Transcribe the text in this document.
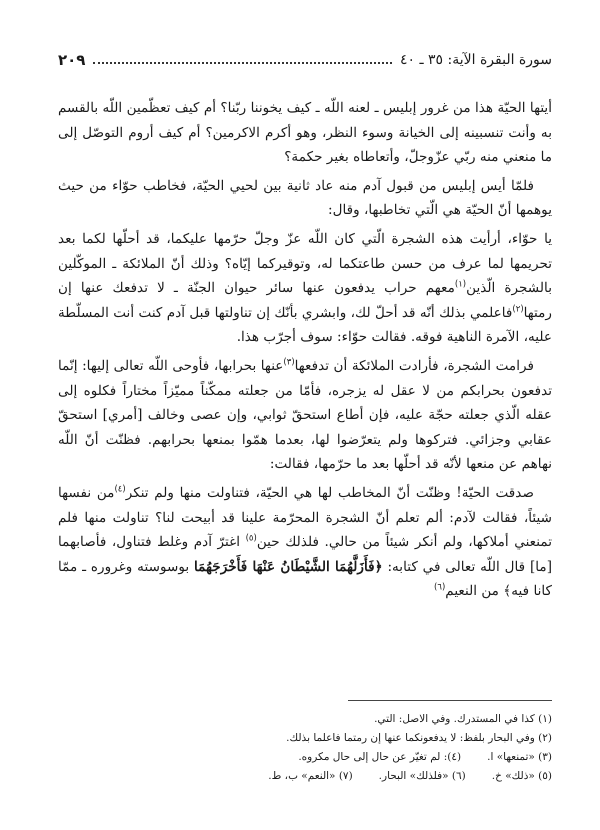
سورة البقرة الآية: ٣٥ ـ ٤٠
٢٠٩

أيتها الحيّة هذا من غرور إبليس ـ لعنه اللّه ـ كيف يخوننا ربّنا؟ أم كيف تعظّمين اللّه بالقسم به وأنت تنسبينه إلى الخيانة وسوء النظر، وهو أكرم الاكرمين؟ أم كيف أروم التوصّل إلى ما منعني منه ربّي عزّوجلّ، وأتعاطاه بغير حكمة؟

فلمّا أيس إبليس من قبول آدم منه عاد ثانية بين لحيي الحيّة، فخاطب حوّاء من حيث يوهمها أنّ الحيّة هي الّتي تخاطبها، وقال:

يا حوّاء، أرأيت هذه الشجرة الّتي كان اللّه عزّ وجلّ حرّمها عليكما، قد أحلّها لكما بعد تحريمها لما عرف من حسن طاعتكما له، وتوقيركما إيّاه؟ وذلك أنّ الملائكة ـ الموكّلين بالشجرة الّذين$^{(١)}$معهم حراب يدفعون عنها سائر حيوان الجنّة ـ لا تدفعك عنها إن رمتها$^{(٢)}$فاعلمي بذلك أنّه قد أحلّ لك، وابشري بأنّك إن تناولتها قبل آدم كنت أنت المسلّطة عليه، الآمرة الناهية فوقه. فقالت حوّاء: سوف أجرّب هذا.

فرامت الشجرة، فأرادت الملائكة أن تدفعها$^{(٣)}$عنها بحرابها، فأوحى اللّه تعالى إليها: إنّما تدفعون بحرابكم من لا عقل له يزجره، فأمّا من جعلته ممكّناً مميّزاً مختاراً فكلوه إلى عقله الّذي جعلته حجّة عليه، فإن أطاع استحقّ ثوابي، وإن عصى وخالف [أمري] استحقّ عقابي وجزائي. فتركوها ولم يتعرّضوا لها، بعدما همّوا بمنعها بحرابهم. فظنّت أنّ اللّه نهاهم عن منعها لأنّه قد أحلّها بعد ما حرّمها، فقالت:

صدقت الحيّة! وظنّت أنّ المخاطب لها هي الحيّة، فتناولت منها ولم تنكر$^{(٤)}$من نفسها شيئاً، فقالت لآدم: ألم تعلم أنّ الشجرة المحرّمة علينا قد أبيحت لنا؟ تناولت منها فلم تمنعني أملاكها، ولم أنكر شيئاً من حالي. فلذلك حين$^{(٥)}$ اغترّ آدم وغلط فتناول، فأصابهما [ما] قال اللّه تعالى في كتابه: ﴿فَأَزَلَّهُمَا الشَّيْطَانُ عَنْهَا فَأَخْرَجَهُمَا بوسوسته وغروره ـ ممّا كانا فيه﴾ من النعيم$^{(٦)}$

(١) كذا في المستدرك. وفي الاصل: التي.
(٢) وفي البحار بلفظ: لا يدفعونكما عنها إن رمتما فاعلما بذلك.
(٣) «تمنعها» ا.
(٤): لم تغيّر عن حال إلى حال مكروه.
(٥) «ذلك» خ.
(٦) «فلذلك» البحار.
(٧) «النعم» ب، ط.
